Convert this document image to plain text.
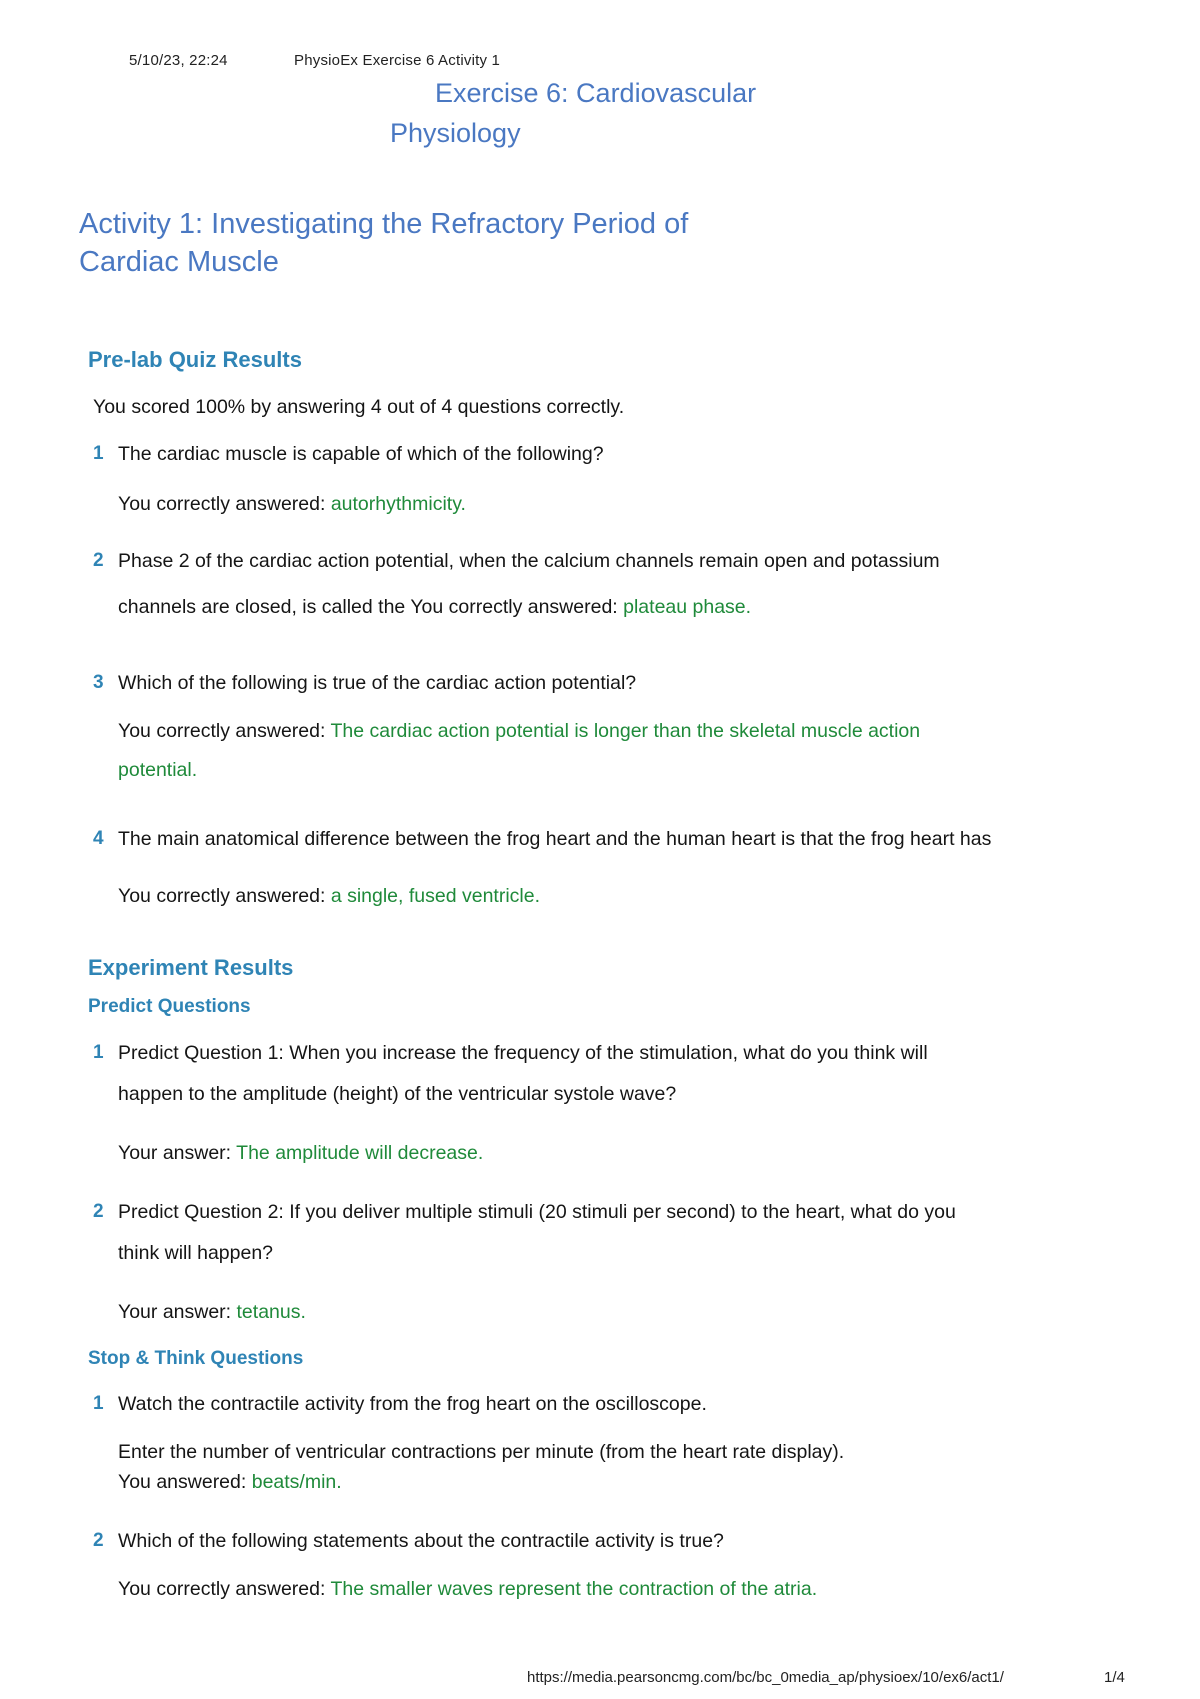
5/10/23, 22:24	PhysioEx Exercise 6 Activity 1
Exercise 6: Cardiovascular
Physiology
Activity 1: Investigating the Refractory Period of
Cardiac Muscle
Pre-lab Quiz Results
You scored 100% by answering 4 out of 4 questions correctly.
1 The cardiac muscle is capable of which of the following?
You correctly answered: autorhythmicity.
2 Phase 2 of the cardiac action potential, when the calcium channels remain open and potassium
channels are closed, is called the You correctly answered: plateau phase.
3 Which of the following is true of the cardiac action potential?
You correctly answered: The cardiac action potential is longer than the skeletal muscle action
potential.
4 The main anatomical difference between the frog heart and the human heart is that the frog heart has
You correctly answered: a single, fused ventricle.
Experiment Results
Predict Questions
1 Predict Question 1: When you increase the frequency of the stimulation, what do you think will
happen to the amplitude (height) of the ventricular systole wave?
Your answer: The amplitude will decrease.
2 Predict Question 2: If you deliver multiple stimuli (20 stimuli per second) to the heart, what do you
think will happen?
Your answer: tetanus.
Stop & Think Questions
1 Watch the contractile activity from the frog heart on the oscilloscope.
Enter the number of ventricular contractions per minute (from the heart rate display).
You answered: beats/min.
2 Which of the following statements about the contractile activity is true?
You correctly answered: The smaller waves represent the contraction of the atria.
https://media.pearsoncmg.com/bc/bc_0media_ap/physioex/10/ex6/act1/	1/4
